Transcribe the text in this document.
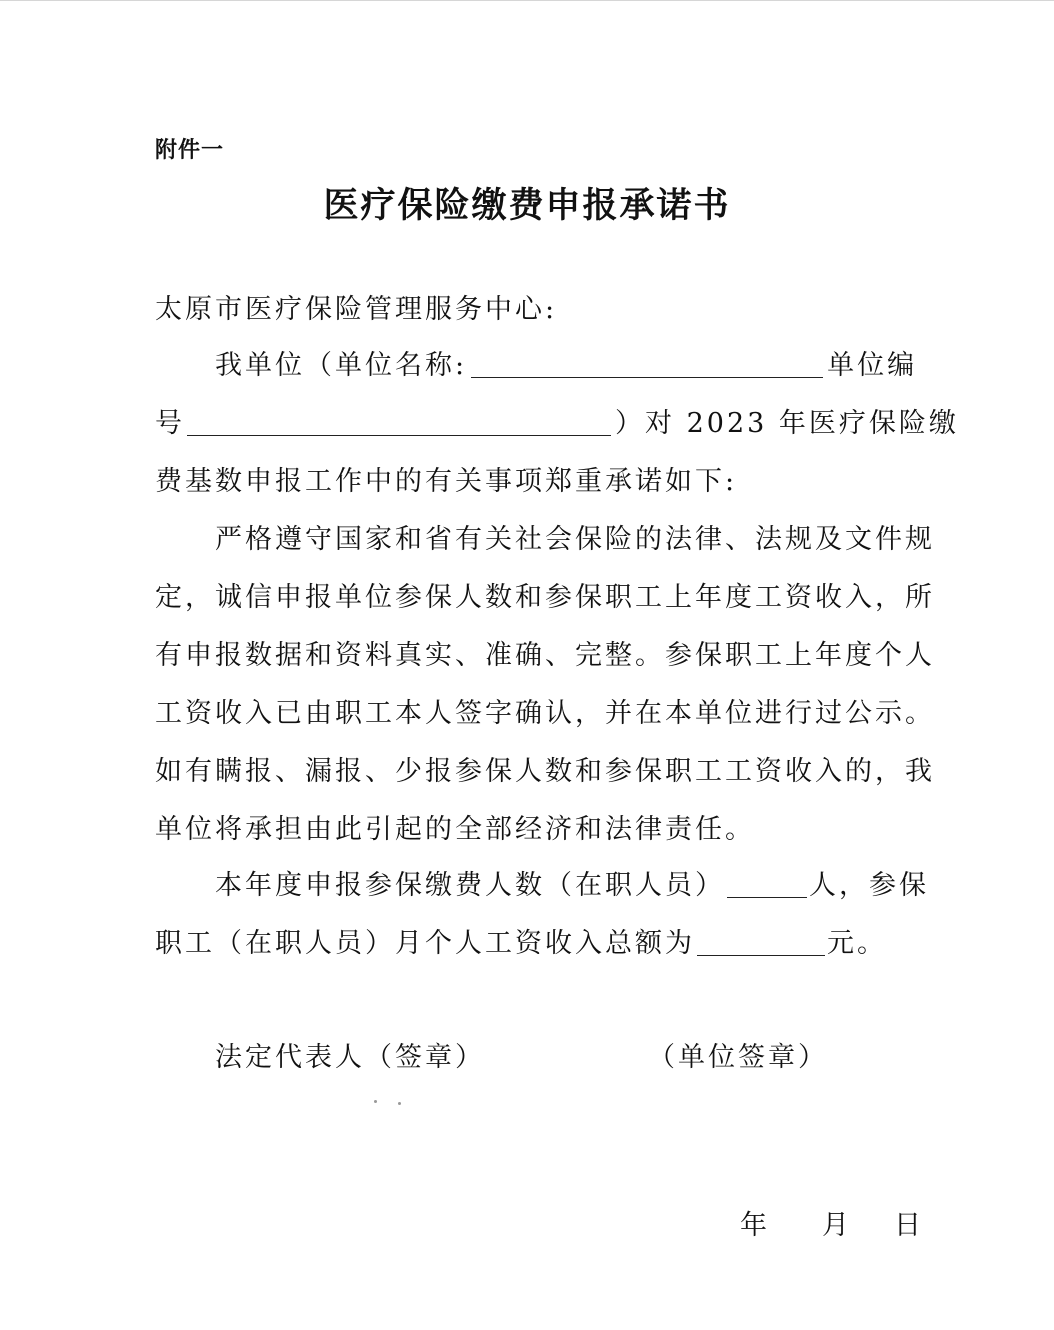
附件一
医疗保险缴费申报承诺书
太原市医疗保险管理服务中心:
我单位（单位名称:	单位编
号	）对 2023 年医疗保险缴
费基数申报工作中的有关事项郑重承诺如下:
严格遵守国家和省有关社会保险的法律、法规及文件规
定，诚信申报单位参保人数和参保职工上年度工资收入，所
有申报数据和资料真实、准确、完整。参保职工上年度个人
工资收入已由职工本人签字确认，并在本单位进行过公示。
如有瞒报、漏报、少报参保人数和参保职工工资收入的，我
单位将承担由此引起的全部经济和法律责任。
本年度申报参保缴费人数（在职人员）	人，参保
职工（在职人员）月个人工资收入总额为	元。
法定代表人（签章）	（单位签章）
年 月 日
